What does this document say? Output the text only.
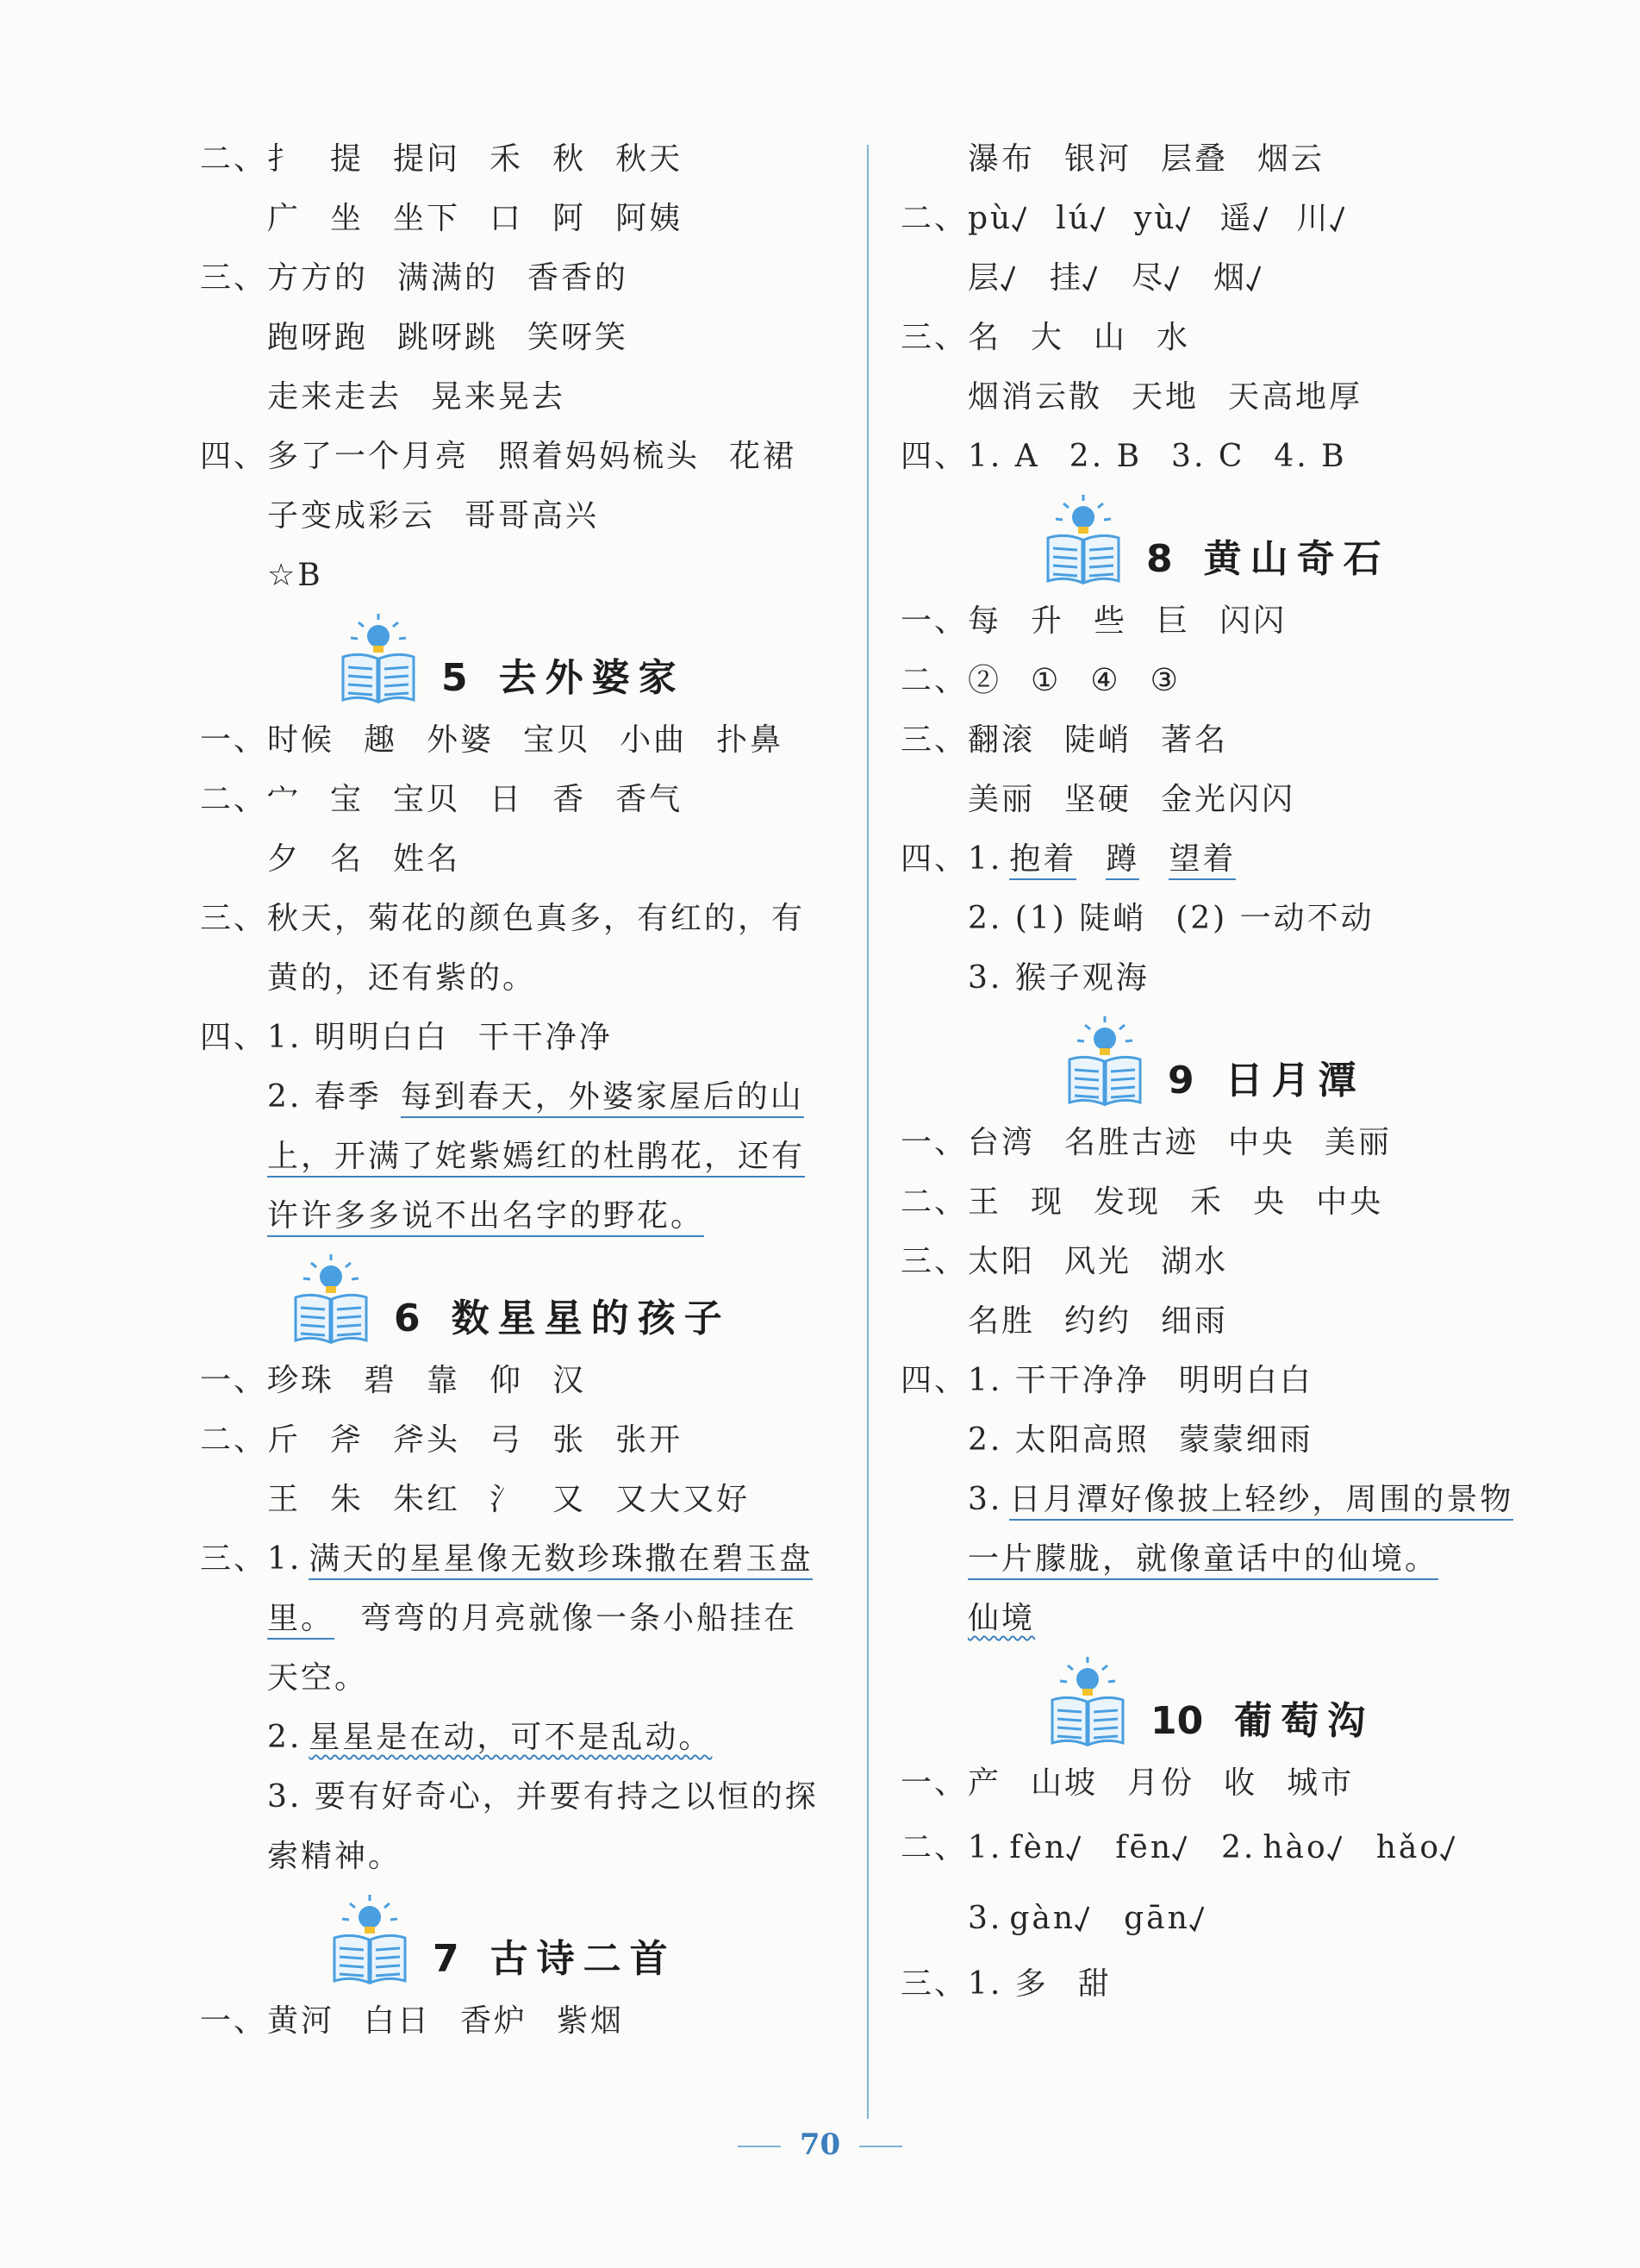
二、扌 提 提问 禾 秋 秋天
广 坐 坐下 口 阿 阿姨
三、方方的 满满的 香香的
跑呀跑 跳呀跳 笑呀笑
走来走去 晃来晃去
四、多了一个月亮 照着妈妈梳头 花裙
子变成彩云 哥哥高兴
☆B
5 去外婆家
一、时候 趣 外婆 宝贝 小曲 扑鼻
二、宀 宝 宝贝 日 香 香气
夕 名 姓名
三、秋天，菊花的颜色真多，有红的，有
黄的，还有紫的。
四、1. 明明白白 干干净净
2. 春季 每到春天，外婆家屋后的山
上，开满了姹紫嫣红的杜鹃花，还有
许许多多说不出名字的野花。
6 数星星的孩子
一、珍珠 碧 靠 仰 汉
二、斤 斧 斧头 弓 张 张开
王 朱 朱红 氵 又 又大又好
三、1. 满天的星星像无数珍珠撒在碧玉盘
里。 弯弯的月亮就像一条小船挂在
天空。
2. 星星是在动，可不是乱动。
3. 要有好奇心，并要有持之以恒的探
索精神。
7 古诗二首
一、黄河 白日 香炉 紫烟
瀑布 银河 层叠 烟云
二、pù lú yù 遥 川
层 挂 尽 烟
三、名 大 山 水
烟消云散 天地 天高地厚
四、1. A 2. B 3. C 4. B
8 黄山奇石
一、每 升 些 巨 闪闪
二、② ① ④ ③
三、翻滚 陡峭 著名
美丽 坚硬 金光闪闪
四、1. 抱着 蹲 望着
2. (1) 陡峭 (2) 一动不动
3. 猴子观海
9 日月潭
一、台湾 名胜古迹 中央 美丽
二、王 现 发现 禾 央 中央
三、太阳 风光 湖水
名胜 约约 细雨
四、1. 干干净净 明明白白
2. 太阳高照 蒙蒙细雨
3. 日月潭好像披上轻纱，周围的景物
一片朦胧，就像童话中的仙境。
仙境
10 葡萄沟
一、产 山坡 月份 收 城市
二、1. fèn fēn 2. hào hǎo
3. gàn gān
三、1. 多 甜
70
